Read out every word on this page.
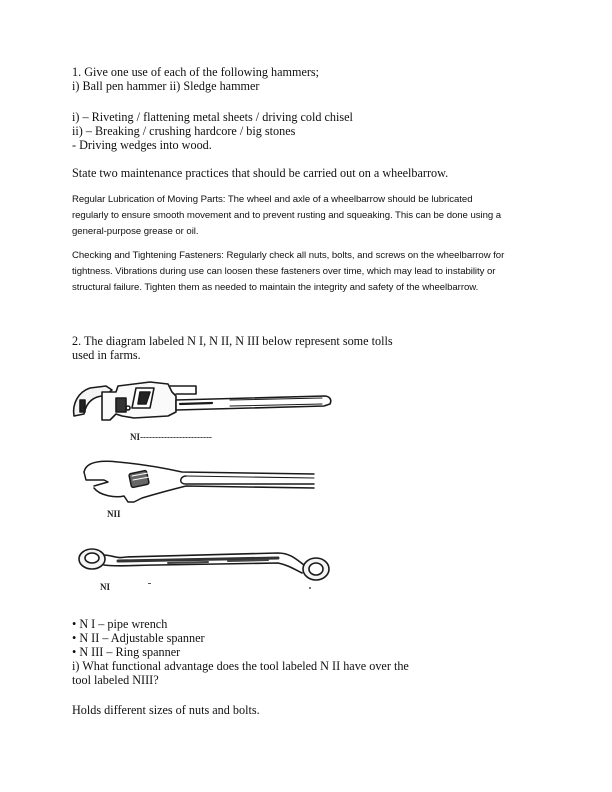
1. Give one use of each of the following hammers;
i) Ball pen hammer ii) Sledge hammer
i) – Riveting / flattening metal sheets / driving cold chisel
ii) – Breaking / crushing hardcore / big stones
- Driving wedges into wood.
State two maintenance practices that should be carried out on a wheelbarrow.
Regular Lubrication of Moving Parts: The wheel and axle of a wheelbarrow should be lubricated
regularly to ensure smooth movement and to prevent rusting and squeaking. This can be done using a
general-purpose grease or oil.
Checking and Tightening Fasteners: Regularly check all nuts, bolts, and screws on the wheelbarrow for
tightness. Vibrations during use can loosen these fasteners over time, which may lead to instability or
structural failure. Tighten them as needed to maintain the integrity and safety of the wheelbarrow.
2. The diagram labeled N I, N II, N III below represent some tolls
used in farms.
NI------------------------
NII
NI
• N I – pipe wrench
• N II – Adjustable spanner
• N III – Ring spanner
i) What functional advantage does the tool labeled N II have over the
tool labeled NIII?
Holds different sizes of nuts and bolts.
